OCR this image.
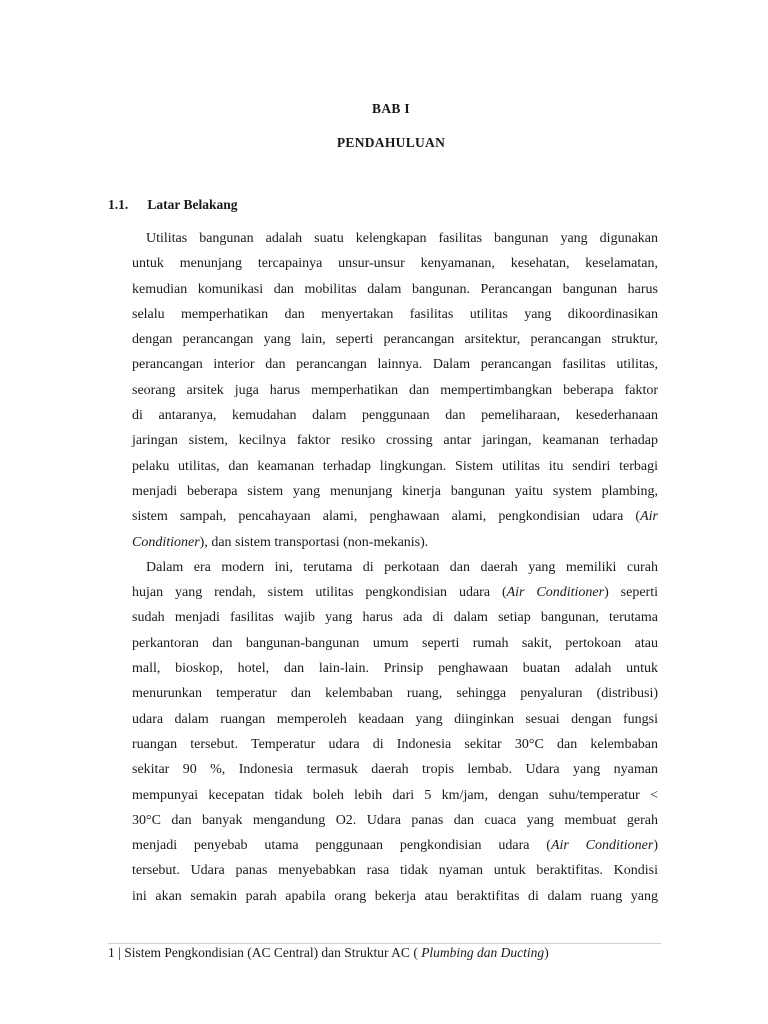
BAB I
PENDAHULUAN
1.1. Latar Belakang
Utilitas bangunan adalah suatu kelengkapan fasilitas bangunan yang digunakan
untuk menunjang tercapainya unsur-unsur kenyamanan, kesehatan, keselamatan,
kemudian komunikasi dan mobilitas dalam bangunan. Perancangan bangunan harus
selalu memperhatikan dan menyertakan fasilitas utilitas yang dikoordinasikan
dengan perancangan yang lain, seperti perancangan arsitektur, perancangan struktur,
perancangan interior dan perancangan lainnya. Dalam perancangan fasilitas utilitas,
seorang arsitek juga harus memperhatikan dan mempertimbangkan beberapa faktor
di antaranya, kemudahan dalam penggunaan dan pemeliharaan, kesederhanaan
jaringan sistem, kecilnya faktor resiko crossing antar jaringan, keamanan terhadap
pelaku utilitas, dan keamanan terhadap lingkungan. Sistem utilitas itu sendiri terbagi
menjadi beberapa sistem yang menunjang kinerja bangunan yaitu system plambing,
sistem sampah, pencahayaan alami, penghawaan alami, pengkondisian udara (Air
Conditioner), dan sistem transportasi (non-mekanis).
Dalam era modern ini, terutama di perkotaan dan daerah yang memiliki curah
hujan yang rendah, sistem utilitas pengkondisian udara (Air Conditioner) seperti
sudah menjadi fasilitas wajib yang harus ada di dalam setiap bangunan, terutama
perkantoran dan bangunan-bangunan umum seperti rumah sakit, pertokoan atau
mall, bioskop, hotel, dan lain-lain. Prinsip penghawaan buatan adalah untuk
menurunkan temperatur dan kelembaban ruang, sehingga penyaluran (distribusi)
udara dalam ruangan memperoleh keadaan yang diinginkan sesuai dengan fungsi
ruangan tersebut. Temperatur udara di Indonesia sekitar 30°C dan kelembaban
sekitar 90 %, Indonesia termasuk daerah tropis lembab. Udara yang nyaman
mempunyai kecepatan tidak boleh lebih dari 5 km/jam, dengan suhu/temperatur <
30°C dan banyak mengandung O2. Udara panas dan cuaca yang membuat gerah
menjadi penyebab utama penggunaan pengkondisian udara (Air Conditioner)
tersebut. Udara panas menyebabkan rasa tidak nyaman untuk beraktifitas. Kondisi
ini akan semakin parah apabila orang bekerja atau beraktifitas di dalam ruang yang
1 | Sistem Pengkondisian (AC Central) dan Struktur AC ( Plumbing dan Ducting)
